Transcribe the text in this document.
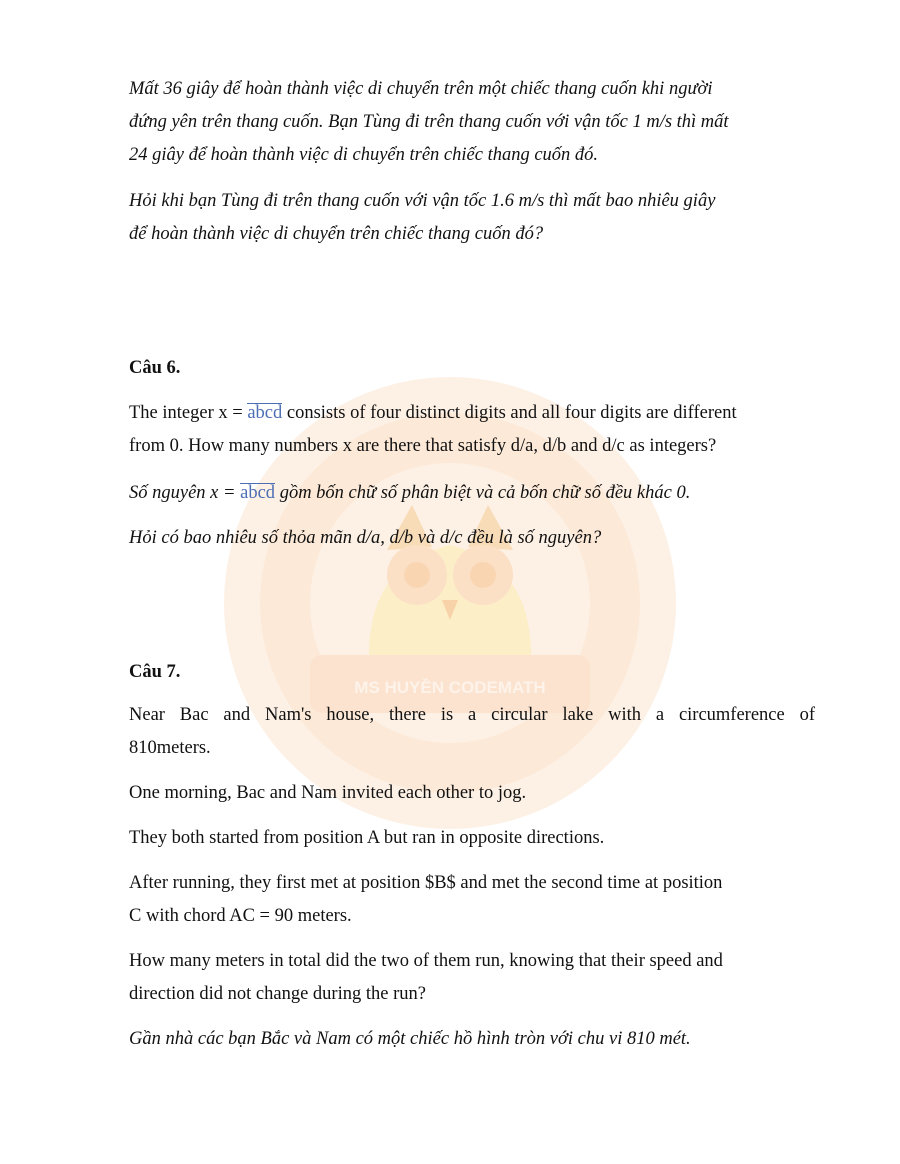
MS HUYỀN CODEMATH

Mất 36 giây để hoàn thành việc di chuyển trên một chiếc thang cuốn khi người

đứng yên trên thang cuốn. Bạn Tùng đi trên thang cuốn với vận tốc 1 m/s thì mất

24 giây để hoàn thành việc di chuyển trên chiếc thang cuốn đó.

Hỏi khi bạn Tùng đi trên thang cuốn với vận tốc 1.6 m/s thì mất bao nhiêu giây

để hoàn thành việc di chuyển trên chiếc thang cuốn đó?

Câu 6.

The integer x = abcd consists of four distinct digits and all four digits are different

from 0. How many numbers x are there that satisfy d/a, d/b and d/c as integers?

Số nguyên x = abcd gồm bốn chữ số phân biệt và cả bốn chữ số đều khác 0.

Hỏi có bao nhiêu số thỏa mãn d/a, d/b và d/c đều là số nguyên?

Câu 7.

Near Bac and Nam's house, there is a circular lake with a circumference of

810meters.

One morning, Bac and Nam invited each other to jog.

They both started from position A but ran in opposite directions.

After running, they first met at position $B$ and met the second time at position

C with chord AC = 90 meters.

How many meters in total did the two of them run, knowing that their speed and

direction did not change during the run?

Gần nhà các bạn Bắc và Nam có một chiếc hồ hình tròn với chu vi 810 mét.
